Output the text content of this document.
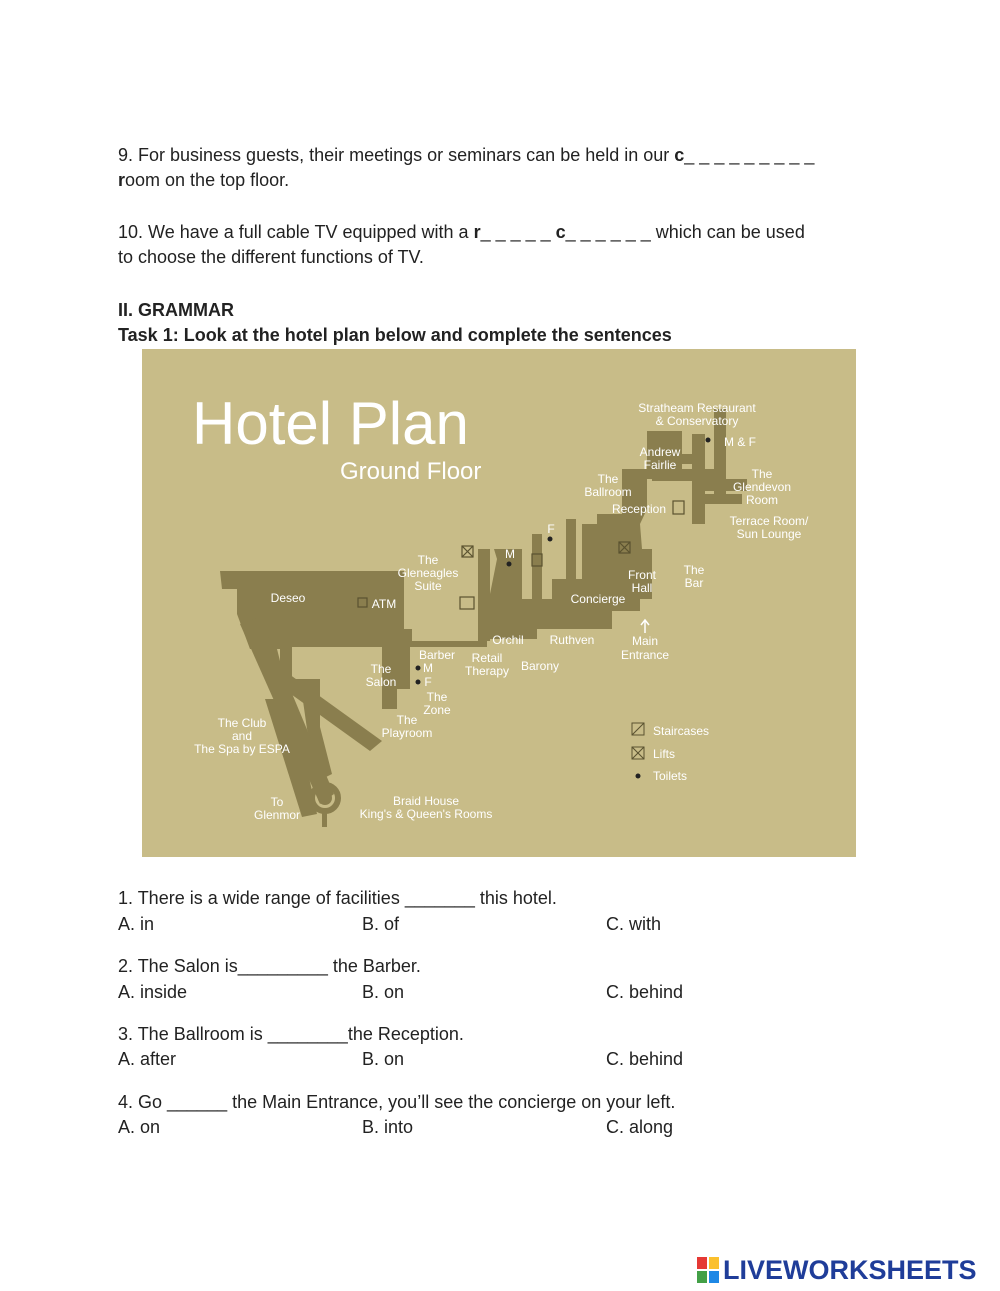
9. For business guests, their meetings or seminars can be held in our c_ _ _ _ _ _ _ _ _
room on the top floor.
10. We have a full cable TV equipped with a r_ _ _ _ _ c_ _ _ _ _ _ which can be used
to choose the different functions of TV.
II. GRAMMAR
Task 1: Look at the hotel plan below and complete the sentences
Hotel Plan
Ground Floor
Stratheam Restaurant
& Conservatory
M & F
Andrew
Fairlie
The
Glendevon
Room
The
Ballroom
Reception
Terrace Room/
Sun Lounge
F
M
The
Gleneagles
Suite
Front
Hall
The
Bar
Concierge
Deseo	ATM
Orchil Ruthven	Main
Entrance
Barber Retail
Therapy Barony
M
F
The
Salon
The
Zone
The
Playroom
The Club
and
The Spa by ESPA
To
Glenmor
Braid House
King's & Queen's Rooms
Staircases
Lifts
Toilets
1. There is a wide range of facilities _______ this hotel.
A. in	B. of	C. with
2. The Salon is_________ the Barber.
A. inside	B. on	C. behind
3. The Ballroom is ________the Reception.
A. after	B. on	C. behind
4. Go ______ the Main Entrance, you’ll see the concierge on your left.
A. on	B. into	C. along
LIVEWORKSHEETS
